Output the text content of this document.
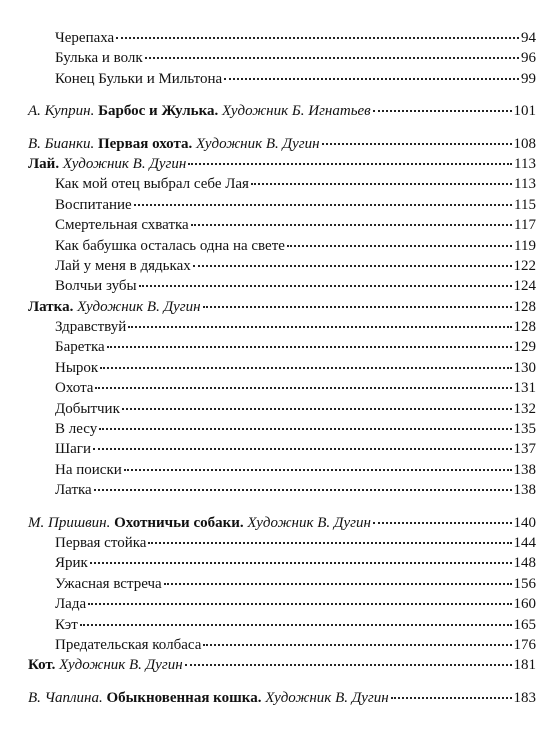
Черепаха	94
Булька и волк	96
Конец Бульки и Мильтона	99
А. Куприн. Барбос и Жулька. Художник Б. Игнатьев	101
В. Бианки. Первая охота. Художник В. Дугин	108
Лай. Художник В. Дугин	113
Как мой отец выбрал себе Лая	113
Воспитание	115
Смертельная схватка	117
Как бабушка осталась одна на свете	119
Лай у меня в дядьках	122
Волчьи зубы	124
Латка. Художник В. Дугин	128
Здравствуй	128
Баретка	129
Нырок	130
Охота	131
Добытчик	132
В лесу	135
Шаги	137
На поиски	138
Латка	138
М. Пришвин. Охотничьи собаки. Художник В. Дугин	140
Первая стойка	144
Ярик	148
Ужасная встреча	156
Лада	160
Кэт	165
Предательская колбаса	176
Кот. Художник В. Дугин	181
В. Чаплина. Обыкновенная кошка. Художник В. Дугин	183
